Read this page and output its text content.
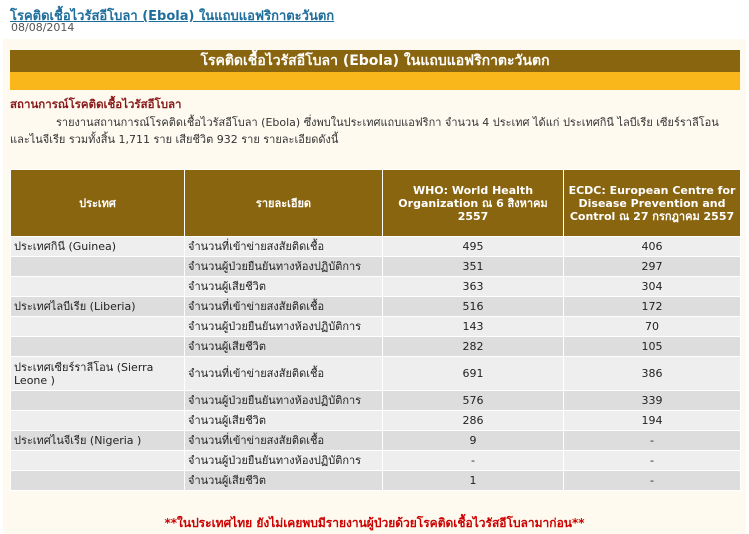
โรคติดเชื้อไวรัสอีโบลา (Ebola) ในแถบแอฟริกาตะวันตก
08/08/2014
โรคติดเชื้อไวรัสอีโบลา (Ebola) ในแถบแอฟริกาตะวันตก
สถานการณ์โรคติดเชื้อไวรัสอีโบลา
รายงานสถานการณ์โรคติดเชื้อไวรัสอีโบลา (Ebola) ซึ่งพบในประเทศแถบแอฟริกา จำนวน 4 ประเทศ ได้แก่ ประเทศกินี ไลบีเรีย เซียร์ราลีโอน และไนจีเรีย รวมทั้งสิ้น 1,711 ราย เสียชีวิต 932 ราย รายละเอียดดังนี้
ประเทศ	รายละเอียด	WHO: World Health Organization ณ 6 สิงหาคม 2557	ECDC: European Centre for Disease Prevention and Control ณ 27 กรกฎาคม 2557
ประเทศกินี (Guinea)	จำนวนที่เข้าข่ายสงสัยติดเชื้อ	495	406
	จำนวนผู้ป่วยยืนยันทางห้องปฏิบัติการ	351	297
	จำนวนผู้เสียชีวิต	363	304
ประเทศไลบีเรีย (Liberia)	จำนวนที่เข้าข่ายสงสัยติดเชื้อ	516	172
	จำนวนผู้ป่วยยืนยันทางห้องปฏิบัติการ	143	70
	จำนวนผู้เสียชีวิต	282	105
ประเทศเซียร์ราลีโอน (Sierra Leone )	จำนวนที่เข้าข่ายสงสัยติดเชื้อ	691	386
	จำนวนผู้ป่วยยืนยันทางห้องปฏิบัติการ	576	339
	จำนวนผู้เสียชีวิต	286	194
ประเทศไนจีเรีย (Nigeria )	จำนวนที่เข้าข่ายสงสัยติดเชื้อ	9	-
	จำนวนผู้ป่วยยืนยันทางห้องปฏิบัติการ	-	-
	จำนวนผู้เสียชีวิต	1	-
**ในประเทศไทย ยังไม่เคยพบมีรายงานผู้ป่วยด้วยโรคติดเชื้อไวรัสอีโบลามาก่อน**
